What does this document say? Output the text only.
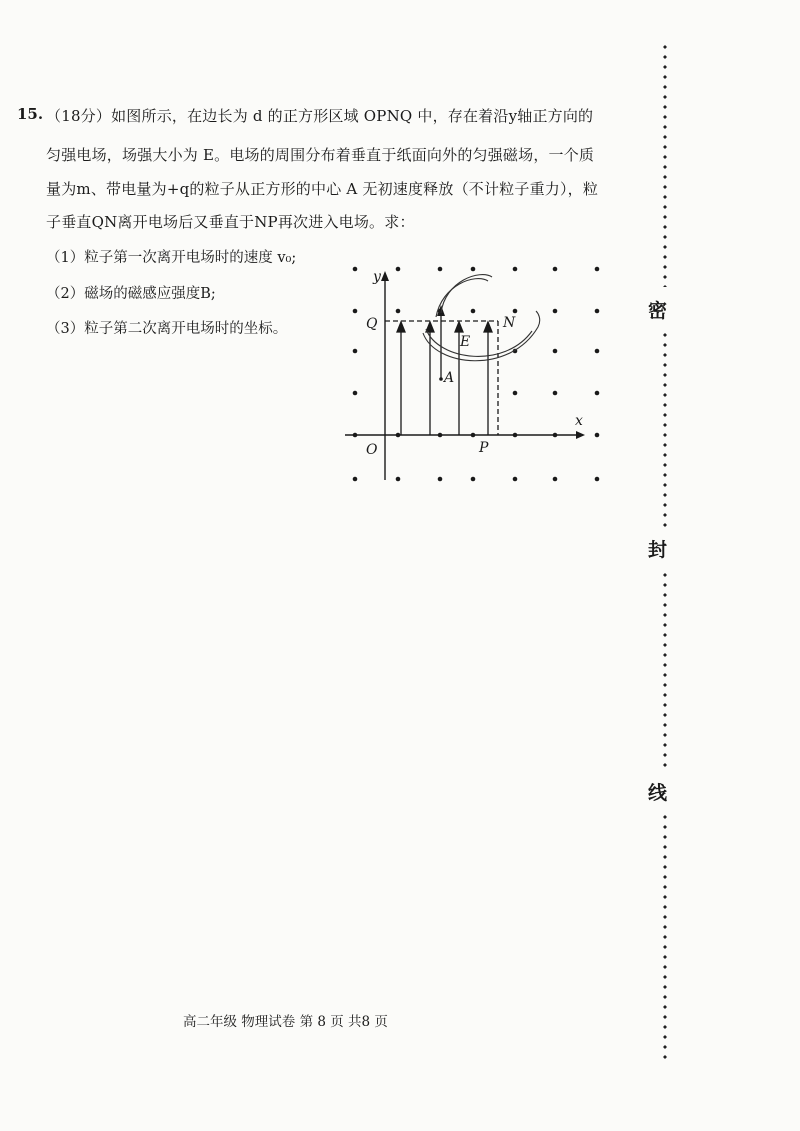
15. （18分）如图所示，在边长为 d 的正方形区域 OPNQ 中，存在着沿y轴正方向的
匀强电场，场强大小为 E。电场的周围分布着垂直于纸面向外的匀强磁场，一个质
量为m、带电量为+q的粒子从正方形的中心 A 无初速度释放（不计粒子重力），粒
子垂直QN离开电场后又垂直于NP再次进入电场。求：
（1）粒子第一次离开电场时的速度 v₀;
（2）磁场的磁感应强度B;
（3）粒子第二次离开电场时的坐标。
y
x
O
Q	N
P
A
E
密
封
线
高二年级 物理试卷 第 8 页 共8 页
